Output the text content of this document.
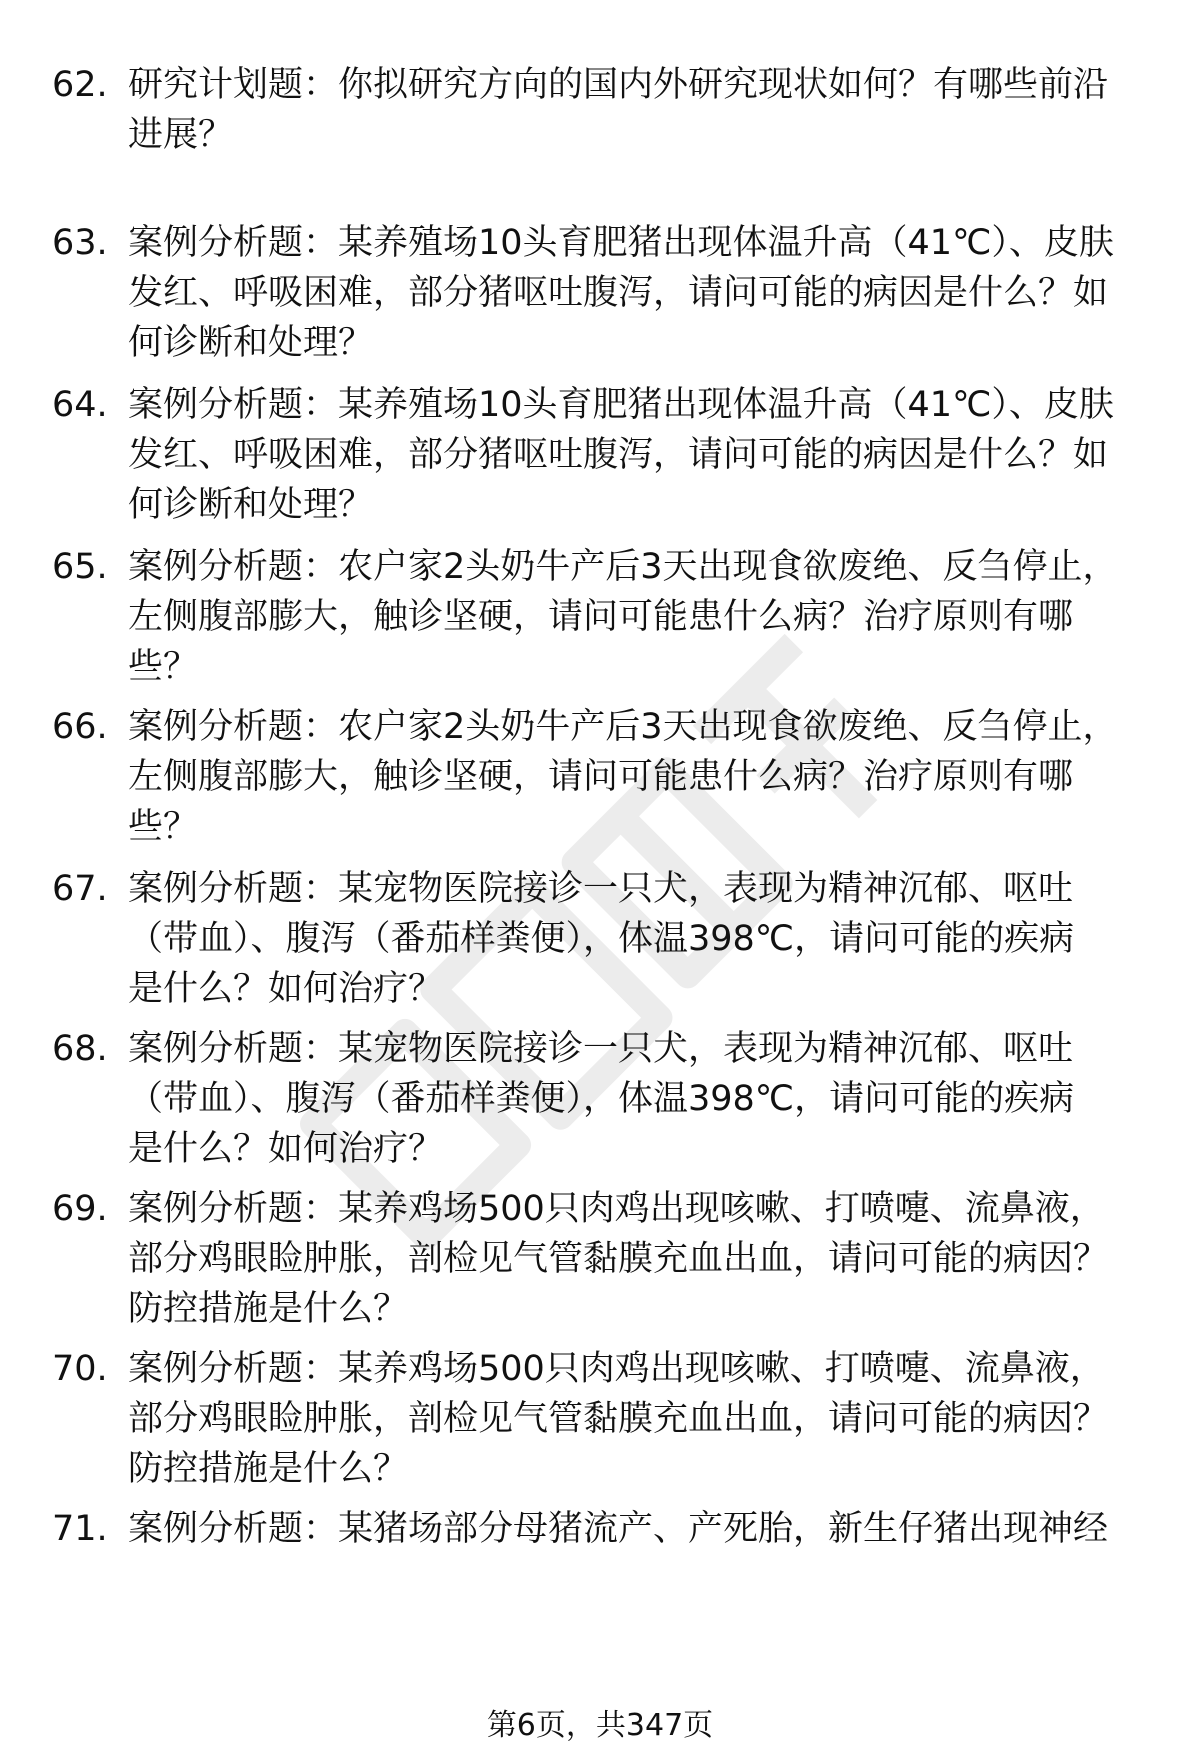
62. 研究计划题：你拟研究方向的国内外研究现状如何？有哪些前沿
进展？
63. 案例分析题：某养殖场10头育肥猪出现体温升高（41℃）、皮肤
发红、呼吸困难，部分猪呕吐腹泻，请问可能的病因是什么？如
何诊断和处理？
64. 案例分析题：某养殖场10头育肥猪出现体温升高（41℃）、皮肤
发红、呼吸困难，部分猪呕吐腹泻，请问可能的病因是什么？如
何诊断和处理？
65. 案例分析题：农户家2头奶牛产后3天出现食欲废绝、反刍停止，
左侧腹部膨大，触诊坚硬，请问可能患什么病？治疗原则有哪
些？
66. 案例分析题：农户家2头奶牛产后3天出现食欲废绝、反刍停止，
左侧腹部膨大，触诊坚硬，请问可能患什么病？治疗原则有哪
些？
67. 案例分析题：某宠物医院接诊一只犬，表现为精神沉郁、呕吐
（带血）、腹泻（番茄样粪便），体温398℃，请问可能的疾病
是什么？如何治疗？
68. 案例分析题：某宠物医院接诊一只犬，表现为精神沉郁、呕吐
（带血）、腹泻（番茄样粪便），体温398℃，请问可能的疾病
是什么？如何治疗？
69. 案例分析题：某养鸡场500只肉鸡出现咳嗽、打喷嚏、流鼻液，
部分鸡眼睑肿胀，剖检见气管黏膜充血出血，请问可能的病因？
防控措施是什么？
70. 案例分析题：某养鸡场500只肉鸡出现咳嗽、打喷嚏、流鼻液，
部分鸡眼睑肿胀，剖检见气管黏膜充血出血，请问可能的病因？
防控措施是什么？
71. 案例分析题：某猪场部分母猪流产、产死胎，新生仔猪出现神经
第6页，共347页
